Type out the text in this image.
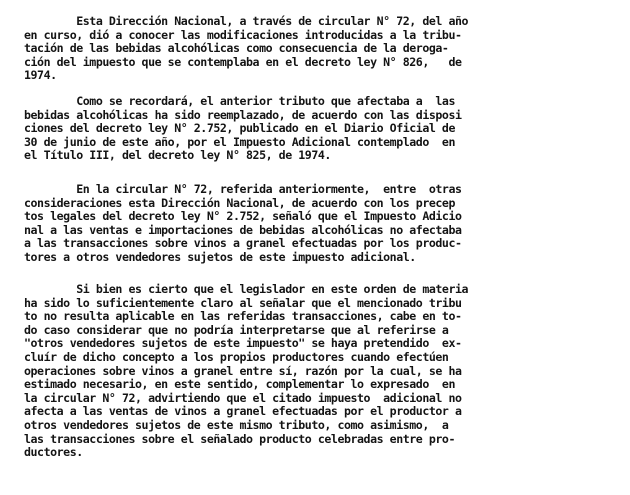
Esta Dirección Nacional, a través de circular N° 72, del año

en curso, dió a conocer las modificaciones introducidas a la tribu-

tación de las bebidas alcohólicas como consecuencia de la deroga-

ción del impuesto que se contemplaba en el decreto ley N° 826,   de

1974.

Como se recordará, el anterior tributo que afectaba a  las

bebidas alcohólicas ha sido reemplazado, de acuerdo con las disposi

ciones del decreto ley N° 2.752, publicado en el Diario Oficial de

30 de junio de este año, por el Impuesto Adicional contemplado  en

el Título III, del decreto ley N° 825, de 1974.

En la circular N° 72, referida anteriormente,  entre  otras

consideraciones esta Dirección Nacional, de acuerdo con los precep

tos legales del decreto ley N° 2.752, señaló que el Impuesto Adicio

nal a las ventas e importaciones de bebidas alcohólicas no afectaba

a las transacciones sobre vinos a granel efectuadas por los produc-

tores a otros vendedores sujetos de este impuesto adicional.

Si bien es cierto que el legislador en este orden de materia

ha sido lo suficientemente claro al señalar que el mencionado tribu

to no resulta aplicable en las referidas transacciones, cabe en to-

do caso considerar que no podría interpretarse que al referirse a

"otros vendedores sujetos de este impuesto" se haya pretendido  ex-

cluír de dicho concepto a los propios productores cuando efectúen

operaciones sobre vinos a granel entre sí, razón por la cual, se ha

estimado necesario, en este sentido, complementar lo expresado  en

la circular N° 72, advirtiendo que el citado impuesto  adicional no

afecta a las ventas de vinos a granel efectuadas por el productor a

otros vendedores sujetos de este mismo tributo, como asimismo,  a

las transacciones sobre el señalado producto celebradas entre pro-

ductores.
